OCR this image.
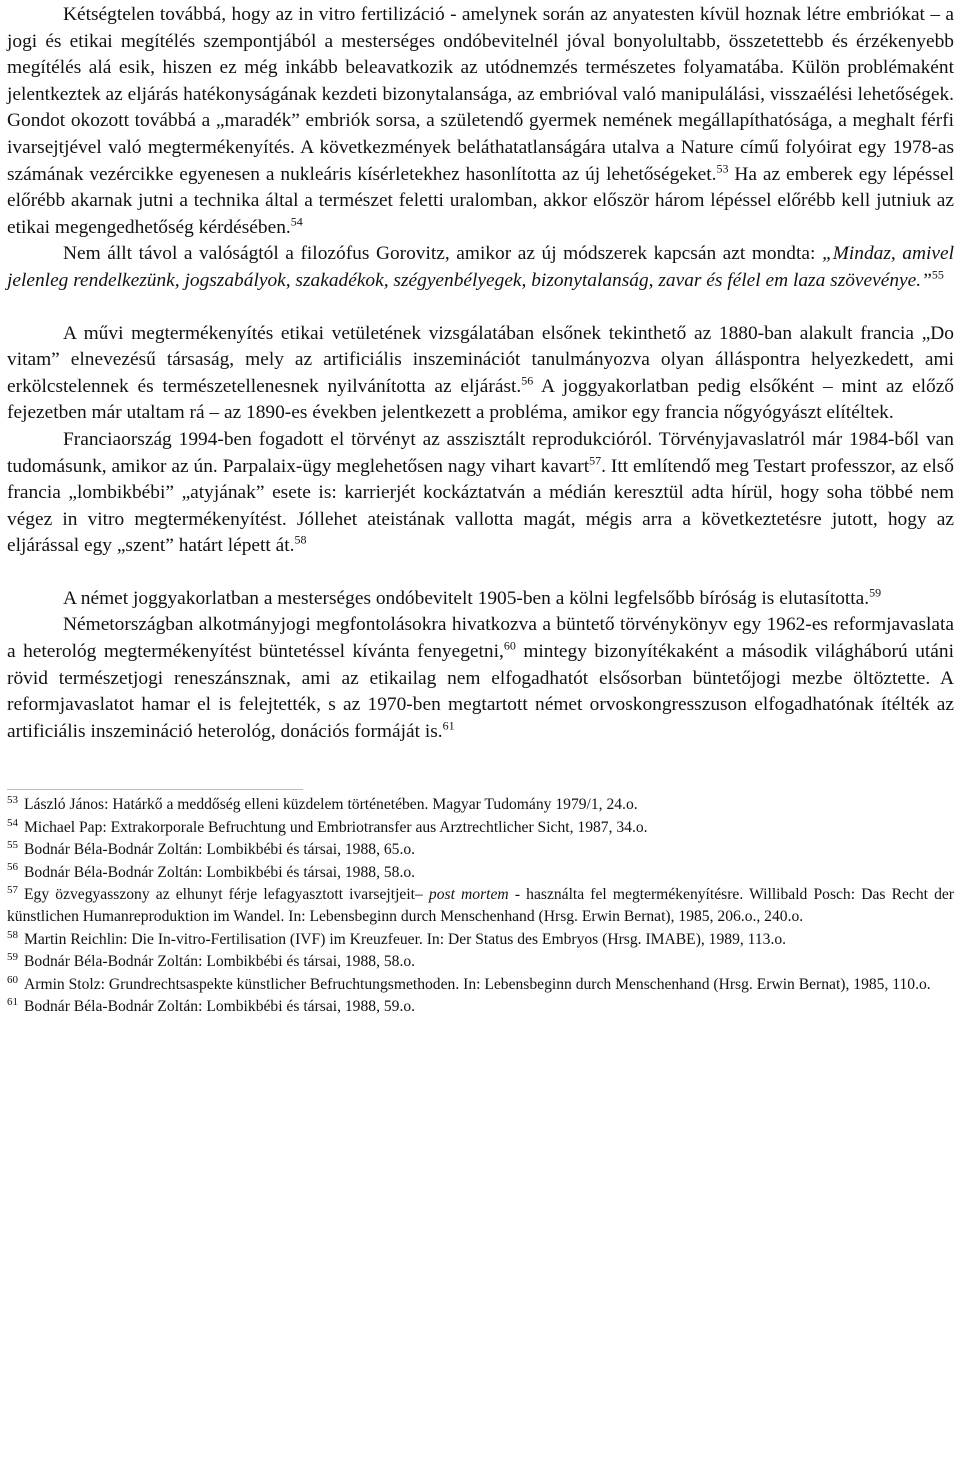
Kétségtelen továbbá, hogy az in vitro fertilizáció - amelynek során az anyatesten kívül hoznak létre embriókat – a jogi és etikai megítélés szempontjából a mesterséges ondóbevitelnél jóval bonyolultabb, összetettebb és érzékenyebb megítélés alá esik, hiszen ez még inkább beleavatkozik az utódnemzés természetes folyamatába. Külön problémaként jelentkeztek az eljárás hatékonyságának kezdeti bizonytalansága, az embrióval való manipulálási, visszaélési lehetőségek. Gondot okozott továbbá a „maradék” embriók sorsa, a születendő gyermek nemének megállapíthatósága, a meghalt férfi ivarsejtjével való megtermékenyítés. A következmények beláthatatlanságára utalva a Nature című folyóirat egy 1978-as számának vezércikke egyenesen a nukleáris kísérletekhez hasonlította az új lehetőségeket.$^{53}$ Ha az emberek egy lépéssel előrébb akarnak jutni a technika által a természet feletti uralomban, akkor először három lépéssel előrébb kell jutniuk az etikai megengedhetőség kérdésében.$^{54}$

Nem állt távol a valóságtól a filozófus Gorovitz, amikor az új módszerek kapcsán azt mondta: „Mindaz, amivel jelenleg rendelkezünk, jogszabályok, szakadékok, szégyenbélyegek, bizonytalanság, zavar és félel em laza szövevénye.”$^{55}$

A művi megtermékenyítés etikai vetületének vizsgálatában elsőnek tekinthető az 1880-ban alakult francia „Do vitam” elnevezésű társaság, mely az artificiális inszeminációt tanulmányozva olyan álláspontra helyezkedett, ami erkölcstelennek és természetellenesnek nyilvánította az eljárást.$^{56}$ A joggyakorlatban pedig elsőként – mint az előző fejezetben már utaltam rá – az 1890-es években jelentkezett a probléma, amikor egy francia nőgyógyászt elítéltek.

Franciaország 1994-ben fogadott el törvényt az asszisztált reprodukcióról. Törvényjavaslatról már 1984-ből van tudomásunk, amikor az ún. Parpalaix-ügy meglehetősen nagy vihart kavart$^{57}$. Itt említendő meg Testart professzor, az első francia „lombikbébi” „atyjának” esete is: karrierjét kockáztatván a médián keresztül adta hírül, hogy soha többé nem végez in vitro megtermékenyítést. Jóllehet ateistának vallotta magát, mégis arra a következtetésre jutott, hogy az eljárással egy „szent” határt lépett át.$^{58}$

A német joggyakorlatban a mesterséges ondóbevitelt 1905-ben a kölni legfelsőbb bíróság is elutasította.$^{59}$

Németországban alkotmányjogi megfontolásokra hivatkozva a büntető törvénykönyv egy 1962-es reformjavaslata a heterológ megtermékenyítést büntetéssel kívánta fenyegetni,$^{60}$ mintegy bizonyítékaként a második világháború utáni rövid természetjogi reneszánsznak, ami az etikailag nem elfogadhatót elsősorban büntetőjogi mezbe öltöztette. A reformjavaslatot hamar el is felejtették, s az 1970-ben megtartott német orvoskongresszuson elfogadhatónak ítélték az artificiális inszemináció heterológ, donációs formáját is.$^{61}$

$^{53}$ László János: Határkő a meddőség elleni küzdelem történetében. Magyar Tudomány 1979/1, 24.o.

$^{54}$ Michael Pap: Extrakorporale Befruchtung und Embriotransfer aus Arztrechtlicher Sicht, 1987, 34.o.

$^{55}$ Bodnár Béla-Bodnár Zoltán: Lombikbébi és társai, 1988, 65.o.

$^{56}$ Bodnár Béla-Bodnár Zoltán: Lombikbébi és társai, 1988, 58.o.

$^{57}$ Egy özvegyasszony az elhunyt férje lefagyasztott ivarsejtjeit– post mortem - használta fel megtermékenyítésre. Willibald Posch: Das Recht der künstlichen Humanreproduktion im Wandel. In: Lebensbeginn durch Menschenhand (Hrsg. Erwin Bernat), 1985, 206.o., 240.o.

$^{58}$ Martin Reichlin: Die In-vitro-Fertilisation (IVF) im Kreuzfeuer. In: Der Status des Embryos (Hrsg. IMABE), 1989, 113.o.

$^{59}$ Bodnár Béla-Bodnár Zoltán: Lombikbébi és társai, 1988, 58.o.

$^{60}$ Armin Stolz: Grundrechtsaspekte künstlicher Befruchtungsmethoden. In: Lebensbeginn durch Menschenhand (Hrsg. Erwin Bernat), 1985, 110.o.

$^{61}$ Bodnár Béla-Bodnár Zoltán: Lombikbébi és társai, 1988, 59.o.
